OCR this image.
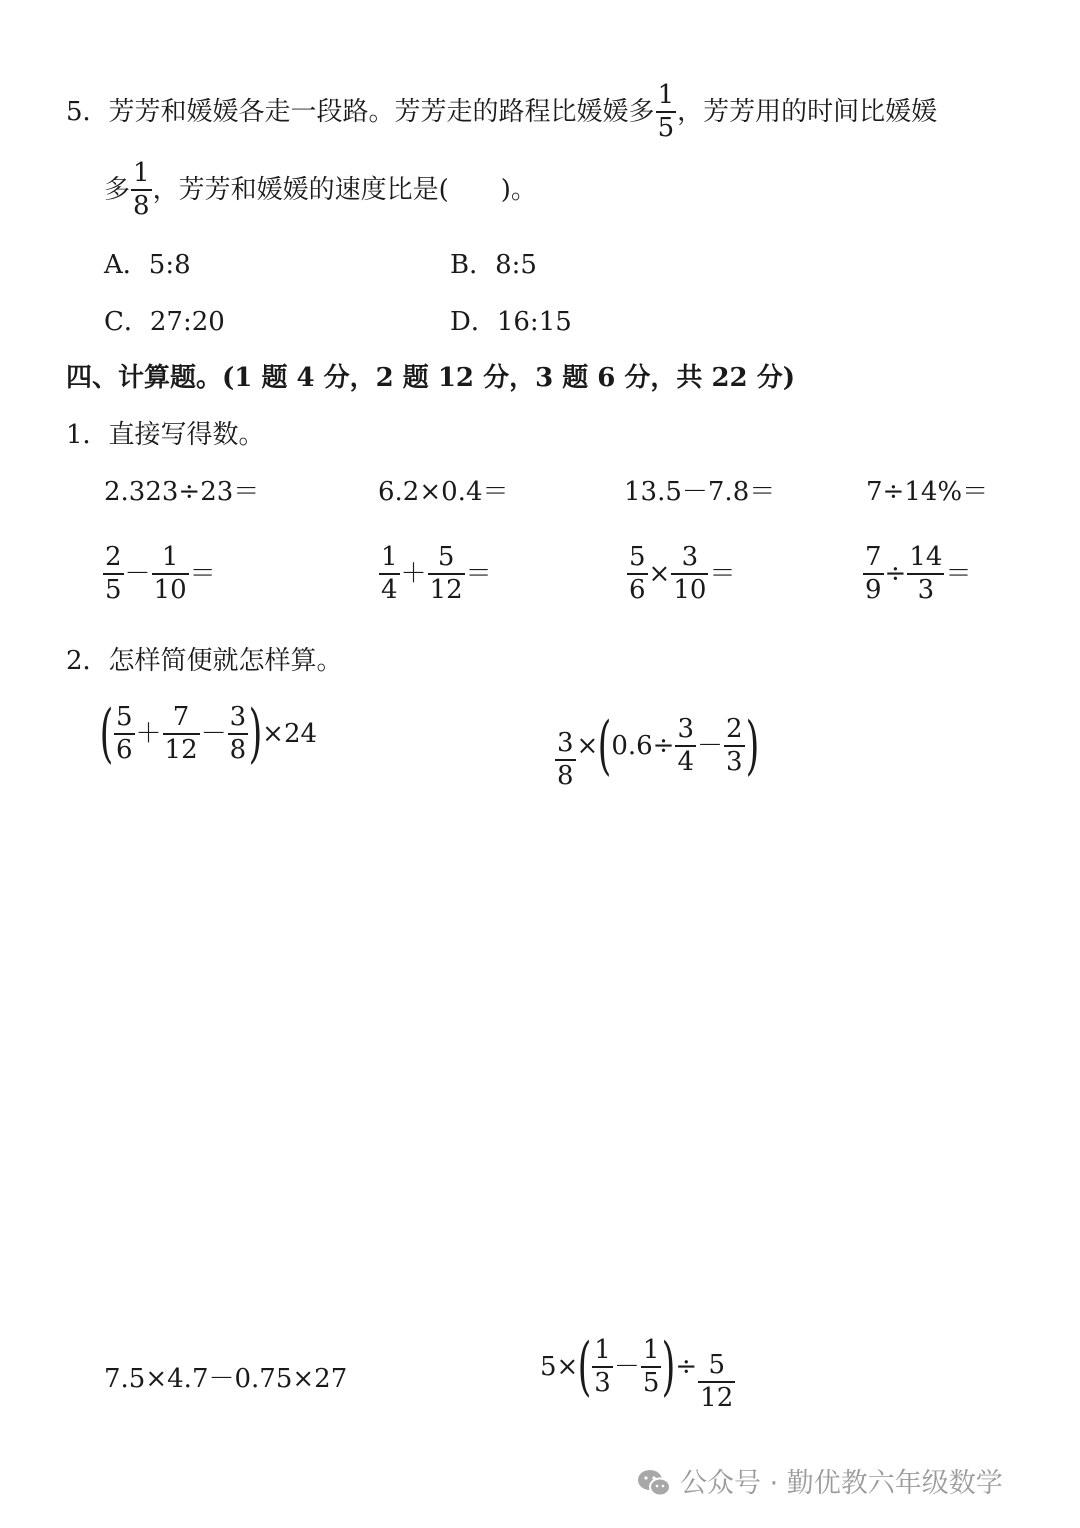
5． 芳芳和媛媛各走一段路。芳芳走的路程比媛媛多 $\frac{1}{5}$ ，芳芳用的时间比媛媛
多 $\frac{1}{8}$ ，芳芳和媛媛的速度比是(　　)。
A．5:8	B．8:5
C．27:20	D．16:15
四、计算题。(1 题 4 分，2 题 12 分，3 题 6 分，共 22 分)
1．直接写得数。
2.323÷23＝	6.2×0.4＝	13.5－7.8＝	7÷14%＝
$\frac{2}{5} - \frac{1}{10}$ ＝	$\frac{1}{4} + \frac{5}{12}$ ＝	$\frac{5}{6} \times \frac{3}{10}$ ＝	$\frac{7}{9} \div \frac{14}{3}$ ＝
2．怎样简便就怎样算。
( $\frac{5}{6} + \frac{7}{12} - \frac{3}{8}$ ) ×24	$\frac{3}{8}$ × ( $0.6\div \frac{3}{4} - \frac{2}{3}$ )
7.5×4.7－0.75×27	5× ( $\frac{1}{3} - \frac{1}{5}$ ) ÷ $\frac{5}{12}$
公众号 · 勤优教六年级数学
